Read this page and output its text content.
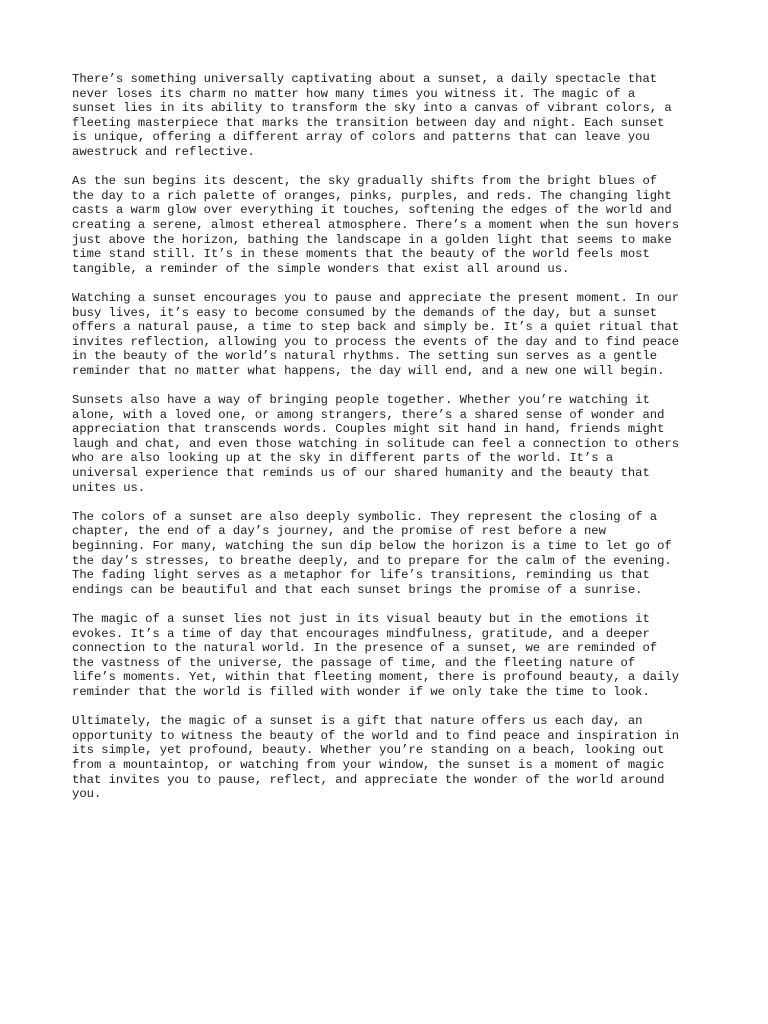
There’s something universally captivating about a sunset, a daily spectacle that
never loses its charm no matter how many times you witness it. The magic of a
sunset lies in its ability to transform the sky into a canvas of vibrant colors, a
fleeting masterpiece that marks the transition between day and night. Each sunset
is unique, offering a different array of colors and patterns that can leave you
awestruck and reflective.

As the sun begins its descent, the sky gradually shifts from the bright blues of
the day to a rich palette of oranges, pinks, purples, and reds. The changing light
casts a warm glow over everything it touches, softening the edges of the world and
creating a serene, almost ethereal atmosphere. There’s a moment when the sun hovers
just above the horizon, bathing the landscape in a golden light that seems to make
time stand still. It’s in these moments that the beauty of the world feels most
tangible, a reminder of the simple wonders that exist all around us.

Watching a sunset encourages you to pause and appreciate the present moment. In our
busy lives, it’s easy to become consumed by the demands of the day, but a sunset
offers a natural pause, a time to step back and simply be. It’s a quiet ritual that
invites reflection, allowing you to process the events of the day and to find peace
in the beauty of the world’s natural rhythms. The setting sun serves as a gentle
reminder that no matter what happens, the day will end, and a new one will begin.

Sunsets also have a way of bringing people together. Whether you’re watching it
alone, with a loved one, or among strangers, there’s a shared sense of wonder and
appreciation that transcends words. Couples might sit hand in hand, friends might
laugh and chat, and even those watching in solitude can feel a connection to others
who are also looking up at the sky in different parts of the world. It’s a
universal experience that reminds us of our shared humanity and the beauty that
unites us.

The colors of a sunset are also deeply symbolic. They represent the closing of a
chapter, the end of a day’s journey, and the promise of rest before a new
beginning. For many, watching the sun dip below the horizon is a time to let go of
the day’s stresses, to breathe deeply, and to prepare for the calm of the evening.
The fading light serves as a metaphor for life’s transitions, reminding us that
endings can be beautiful and that each sunset brings the promise of a sunrise.

The magic of a sunset lies not just in its visual beauty but in the emotions it
evokes. It’s a time of day that encourages mindfulness, gratitude, and a deeper
connection to the natural world. In the presence of a sunset, we are reminded of
the vastness of the universe, the passage of time, and the fleeting nature of
life’s moments. Yet, within that fleeting moment, there is profound beauty, a daily
reminder that the world is filled with wonder if we only take the time to look.

Ultimately, the magic of a sunset is a gift that nature offers us each day, an
opportunity to witness the beauty of the world and to find peace and inspiration in
its simple, yet profound, beauty. Whether you’re standing on a beach, looking out
from a mountaintop, or watching from your window, the sunset is a moment of magic
that invites you to pause, reflect, and appreciate the wonder of the world around
you.
